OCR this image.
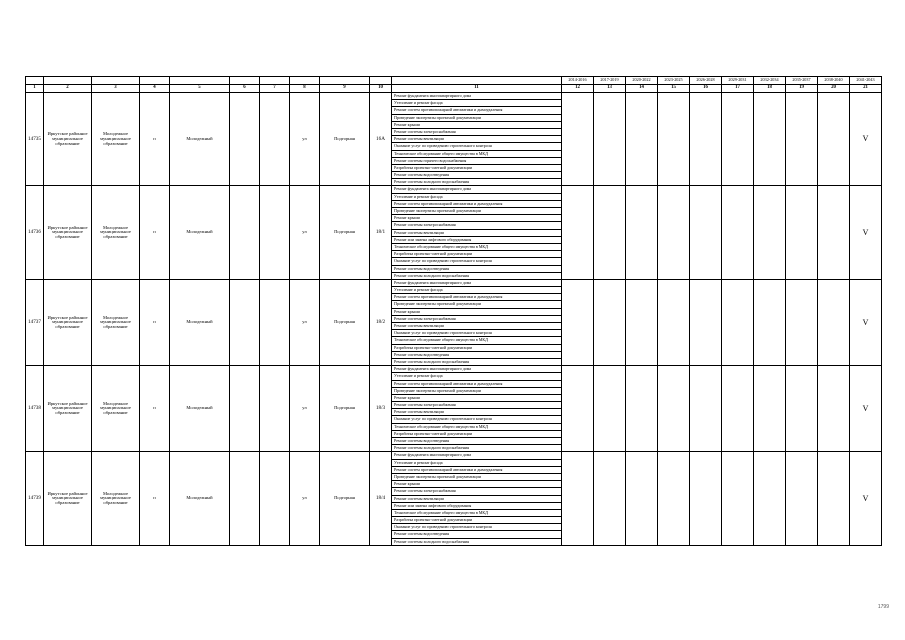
											2014-2016	2017-2019	2020-2022	2023-2025	2026-2028	2029-2031	2032-2034	2035-2037	2038-2040	2041-2043
1	2	3	4	5	6	7	8	9	10	11	12	13	14	15	16	17	18	19	20	21
14735	Иркутское районное муниципальное образование	Молодежное муниципальное образование	п	Молодежный			ул	Подгорная	16А	Ремонт фундамента многоквартирного дома										V
										Утепление и ремонт фасада										
										Ремонт систем противопожарной автоматики и дымоудаления										
										Проведение экспертизы проектной документации										
										Ремонт крыши										
										Ремонт системы электроснабжения										
										Ремонт системы вентиляции										
										Оказание услуг по проведению строительного контроля										
										Техническое обследование общего имущества в МКД										
										Ремонт системы горячего водоснабжения										
										Разработка проектно-сметной документации										
										Ремонт системы водоотведения										
										Ремонт системы холодного водоснабжения										
14736	Иркутское районное муниципальное образование	Молодежное муниципальное образование	п	Молодежный			ул	Подгорная	18/1	Ремонт фундамента многоквартирного дома										V
										Утепление и ремонт фасада										
										Ремонт систем противопожарной автоматики и дымоудаления										
										Проведение экспертизы проектной документации										
										Ремонт крыши										
										Ремонт системы электроснабжения										
										Ремонт системы вентиляции										
										Ремонт или замена лифтового оборудования										
										Техническое обследование общего имущества в МКД										
										Разработка проектно-сметной документации										
										Оказание услуг по проведению строительного контроля										
										Ремонт системы водоотведения										
										Ремонт системы холодного водоснабжения										
14737	Иркутское районное муниципальное образование	Молодежное муниципальное образование	п	Молодежный			ул	Подгорная	18/2	Ремонт фундамента многоквартирного дома										V
										Утепление и ремонт фасада										
										Ремонт систем противопожарной автоматики и дымоудаления										
										Проведение экспертизы проектной документации										
										Ремонт крыши										
										Ремонт системы электроснабжения										
										Ремонт системы вентиляции										
										Оказание услуг по проведению строительного контроля										
										Техническое обследование общего имущества в МКД										
										Разработка проектно-сметной документации										
										Ремонт системы водоотведения										
										Ремонт системы холодного водоснабжения										
14738	Иркутское районное муниципальное образование	Молодежное муниципальное образование	п	Молодежный			ул	Подгорная	18/3	Ремонт фундамента многоквартирного дома										V
										Утепление и ремонт фасада										
										Ремонт систем противопожарной автоматики и дымоудаления										
										Проведение экспертизы проектной документации										
										Ремонт крыши										
										Ремонт системы электроснабжения										
										Ремонт системы вентиляции										
										Оказание услуг по проведению строительного контроля										
										Техническое обследование общего имущества в МКД										
										Разработка проектно-сметной документации										
										Ремонт системы водоотведения										
										Ремонт системы холодного водоснабжения										
14739	Иркутское районное муниципальное образование	Молодежное муниципальное образование	п	Молодежный			ул	Подгорная	18/4	Ремонт фундамента многоквартирного дома										V
										Утепление и ремонт фасада										
										Ремонт систем противопожарной автоматики и дымоудаления										
										Проведение экспертизы проектной документации										
										Ремонт крыши										
										Ремонт системы электроснабжения										
										Ремонт системы вентиляции										
										Ремонт или замена лифтового оборудования										
										Техническое обследование общего имущества в МКД										
										Разработка проектно-сметной документации										
										Оказание услуг по проведению строительного контроля										
										Ремонт системы водоотведения										
										Ремонт системы холодного водоснабжения										
1799
